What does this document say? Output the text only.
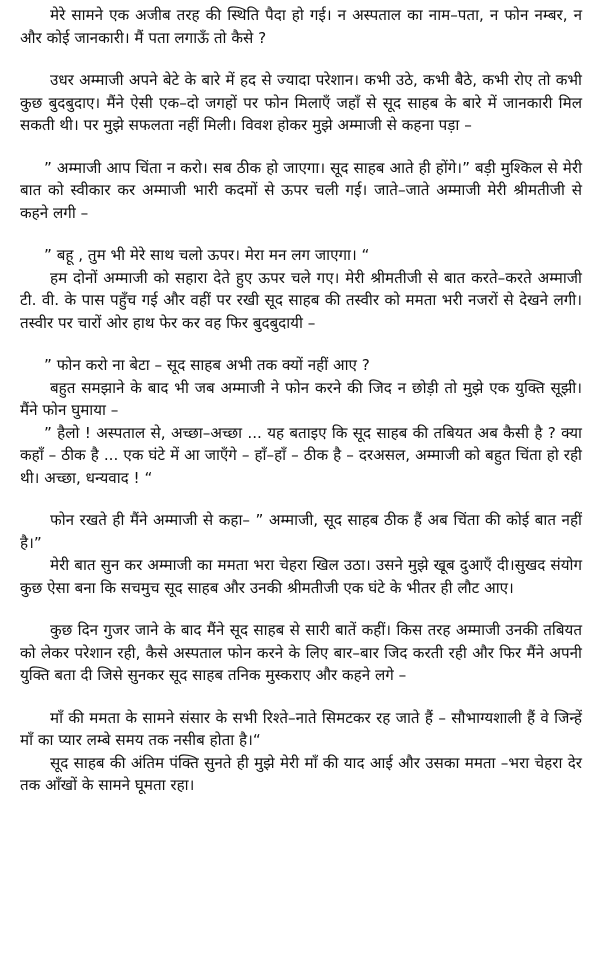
मेरे सामने एक अजीब तरह की स्थिति पैदा हो गई। न अस्पताल का नाम–पता, न फोन नम्बर, न और कोई जानकारी। मैं पता लगाऊँ तो कैसे ?

उधर अम्माजी अपने बेटे के बारे में हद से ज्यादा परेशान। कभी उठे, कभी बैठे, कभी रोए तो कभी कुछ बुदबुदाए। मैंने ऐसी एक–दो जगहों पर फोन मिलाएँ जहाँ से सूद साहब के बारे में जानकारी मिल सकती थी। पर मुझे सफलता नहीं मिली। विवश होकर मुझे अम्माजी से कहना पड़ा –

” अम्माजी आप चिंता न करो। सब ठीक हो जाएगा। सूद साहब आते ही होंगे।” बड़ी मुश्किल से मेरी बात को स्वीकार कर अम्माजी भारी कदमों से ऊपर चली गई। जाते–जाते अम्माजी मेरी श्रीमतीजी से कहने लगी –

” बहू , तुम भी मेरे साथ चलो ऊपर। मेरा मन लग जाएगा। “

हम दोनों अम्माजी को सहारा देते हुए ऊपर चले गए। मेरी श्रीमतीजी से बात करते–करते अम्माजी टी. वी. के पास पहुँच गई और वहीं पर रखी सूद साहब की तस्वीर को ममता भरी नजरों से देखने लगी। तस्वीर पर चारों ओर हाथ फेर कर वह फिर बुदबुदायी –

” फोन करो ना बेटा – सूद साहब अभी तक क्यों नहीं आए ?

बहुत समझाने के बाद भी जब अम्माजी ने फोन करने की जिद न छोड़ी तो मुझे एक युक्ति सूझी। मैंने फोन घुमाया –

” हैलो ! अस्पताल से, अच्छा–अच्छा ... यह बताइए कि सूद साहब की तबियत अब कैसी है ? क्या कहाँ – ठीक है ... एक घंटे में आ जाएँगे – हाँ–हाँ – ठीक है – दरअसल, अम्माजी को बहुत चिंता हो रही थी। अच्छा, धन्यवाद ! “

फोन रखते ही मैंने अम्माजी से कहा– ” अम्माजी, सूद साहब ठीक हैं अब चिंता की कोई बात नहीं है।”

मेरी बात सुन कर अम्माजी का ममता भरा चेहरा खिल उठा। उसने मुझे खूब दुआएँ दी।सुखद संयोग कुछ ऐसा बना कि सचमुच सूद साहब और उनकी श्रीमतीजी एक घंटे के भीतर ही लौट आए।

कुछ दिन गुजर जाने के बाद मैंने सूद साहब से सारी बातें कहीं। किस तरह अम्माजी उनकी तबियत को लेकर परेशान रही, कैसे अस्पताल फोन करने के लिए बार–बार जिद करती रही और फिर मैंने अपनी युक्ति बता दी जिसे सुनकर सूद साहब तनिक मुस्कराए और कहने लगे –

माँ की ममता के सामने संसार के सभी रिश्ते–नाते सिमटकर रह जाते हैं – सौभाग्यशाली हैं वे जिन्हें माँ का प्यार लम्बे समय तक नसीब होता है।“

सूद साहब की अंतिम पंक्ति सुनते ही मुझे मेरी माँ की याद आई और उसका ममता –भरा चेहरा देर तक आँखों के सामने घूमता रहा।
